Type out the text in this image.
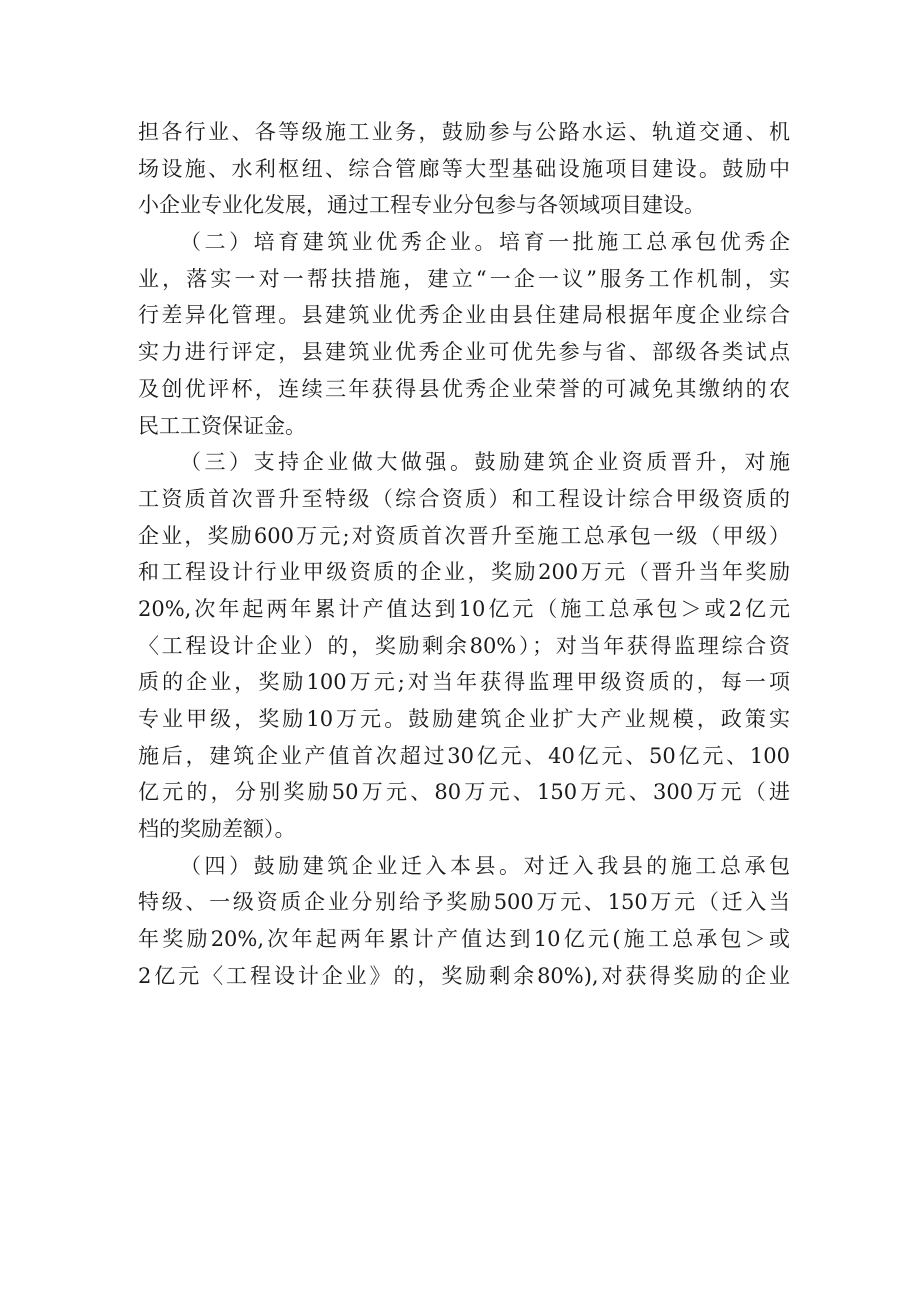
担各行业、各等级施工业务，鼓励参与公路水运、轨道交通、机
场设施、水利枢纽、综合管廊等大型基础设施项目建设。鼓励中
小企业专业化发展，通过工程专业分包参与各领域项目建设。
（二）培育建筑业优秀企业。培育一批施工总承包优秀企
业，落实一对一帮扶措施，建立“一企一议”服务工作机制，实
行差异化管理。县建筑业优秀企业由县住建局根据年度企业综合
实力进行评定，县建筑业优秀企业可优先参与省、部级各类试点
及创优评杯，连续三年获得县优秀企业荣誉的可减免其缴纳的农
民工工资保证金。
（三）支持企业做大做强。鼓励建筑企业资质晋升，对施
工资质首次晋升至特级（综合资质）和工程设计综合甲级资质的
企业，奖励600万元;对资质首次晋升至施工总承包一级（甲级）
和工程设计行业甲级资质的企业，奖励200万元（晋升当年奖励
20%,次年起两年累计产值达到10亿元（施工总承包＞或2亿元
〈工程设计企业）的，奖励剩余80%）；对当年获得监理综合资
质的企业，奖励100万元;对当年获得监理甲级资质的，每一项
专业甲级，奖励10万元。鼓励建筑企业扩大产业规模，政策实
施后，建筑企业产值首次超过30亿元、40亿元、50亿元、100
亿元的，分别奖励50万元、80万元、150万元、300万元（进
档的奖励差额）。
（四）鼓励建筑企业迁入本县。对迁入我县的施工总承包
特级、一级资质企业分别给予奖励500万元、150万元（迁入当
年奖励20%,次年起两年累计产值达到10亿元(施工总承包＞或
2亿元〈工程设计企业》的，奖励剩余80%),对获得奖励的企业
